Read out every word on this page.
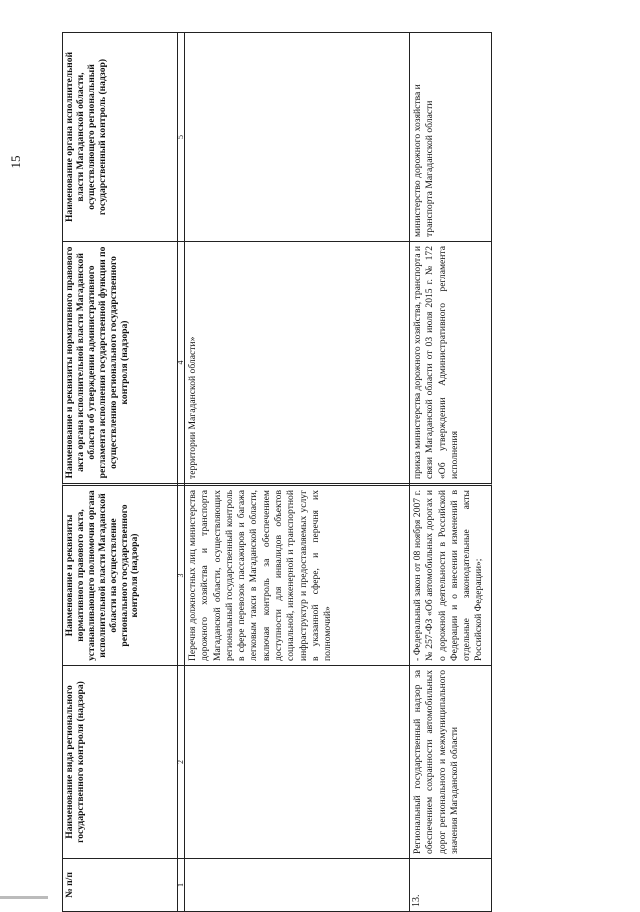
15
№ п/п
Наименование вида регионального государственного контроля (надзора)
Наименование и реквизиты нормативного правового акта, устанавливающего полномочия органа исполнительной власти Магаданской области на осуществление регионального государственного контроля (надзора)
Наименование и реквизиты нормативного правового акта органа исполнительной власти Магаданской области об утверждении административного регламента исполнения государственной функции по осуществлению регионального государственного контроля (надзора)
Наименование органа исполнительной власти Магаданской области, осуществляющего региональный государственный контроль (надзор)
1
2
3
4
5
Перечня должностных лиц министерства дорожного хозяйства и транспорта Магаданской области, осуществляющих региональный государственный контроль в сфере перевозок пассажиров и багажа легковым такси в Магаданской области, включая контроль за обеспечением доступности для инвалидов объектов социальной, инженерной и транспортной инфраструктур и предоставляемых услуг в указанной сфере, и перечня их полномочий»
территории Магаданской области»
13.
Региональный государственный надзор за обеспечением сохранности автомобильных дорог регионального и межмуниципального значения Магаданской области
- Федеральный закон от 08 ноября 2007 г. № 257-ФЗ «Об автомобильных дорогах и о дорожной деятельности в Российской Федерации и о внесении изменений в отдельные законодательные акты Российской Федерации»;
приказ министерства дорожного хозяйства, транспорта и связи Магаданской области от 03 июля 2015 г. № 172 «Об утверждении Административного регламента исполнения
министерство дорожного хозяйства и транспорта Магаданской области
